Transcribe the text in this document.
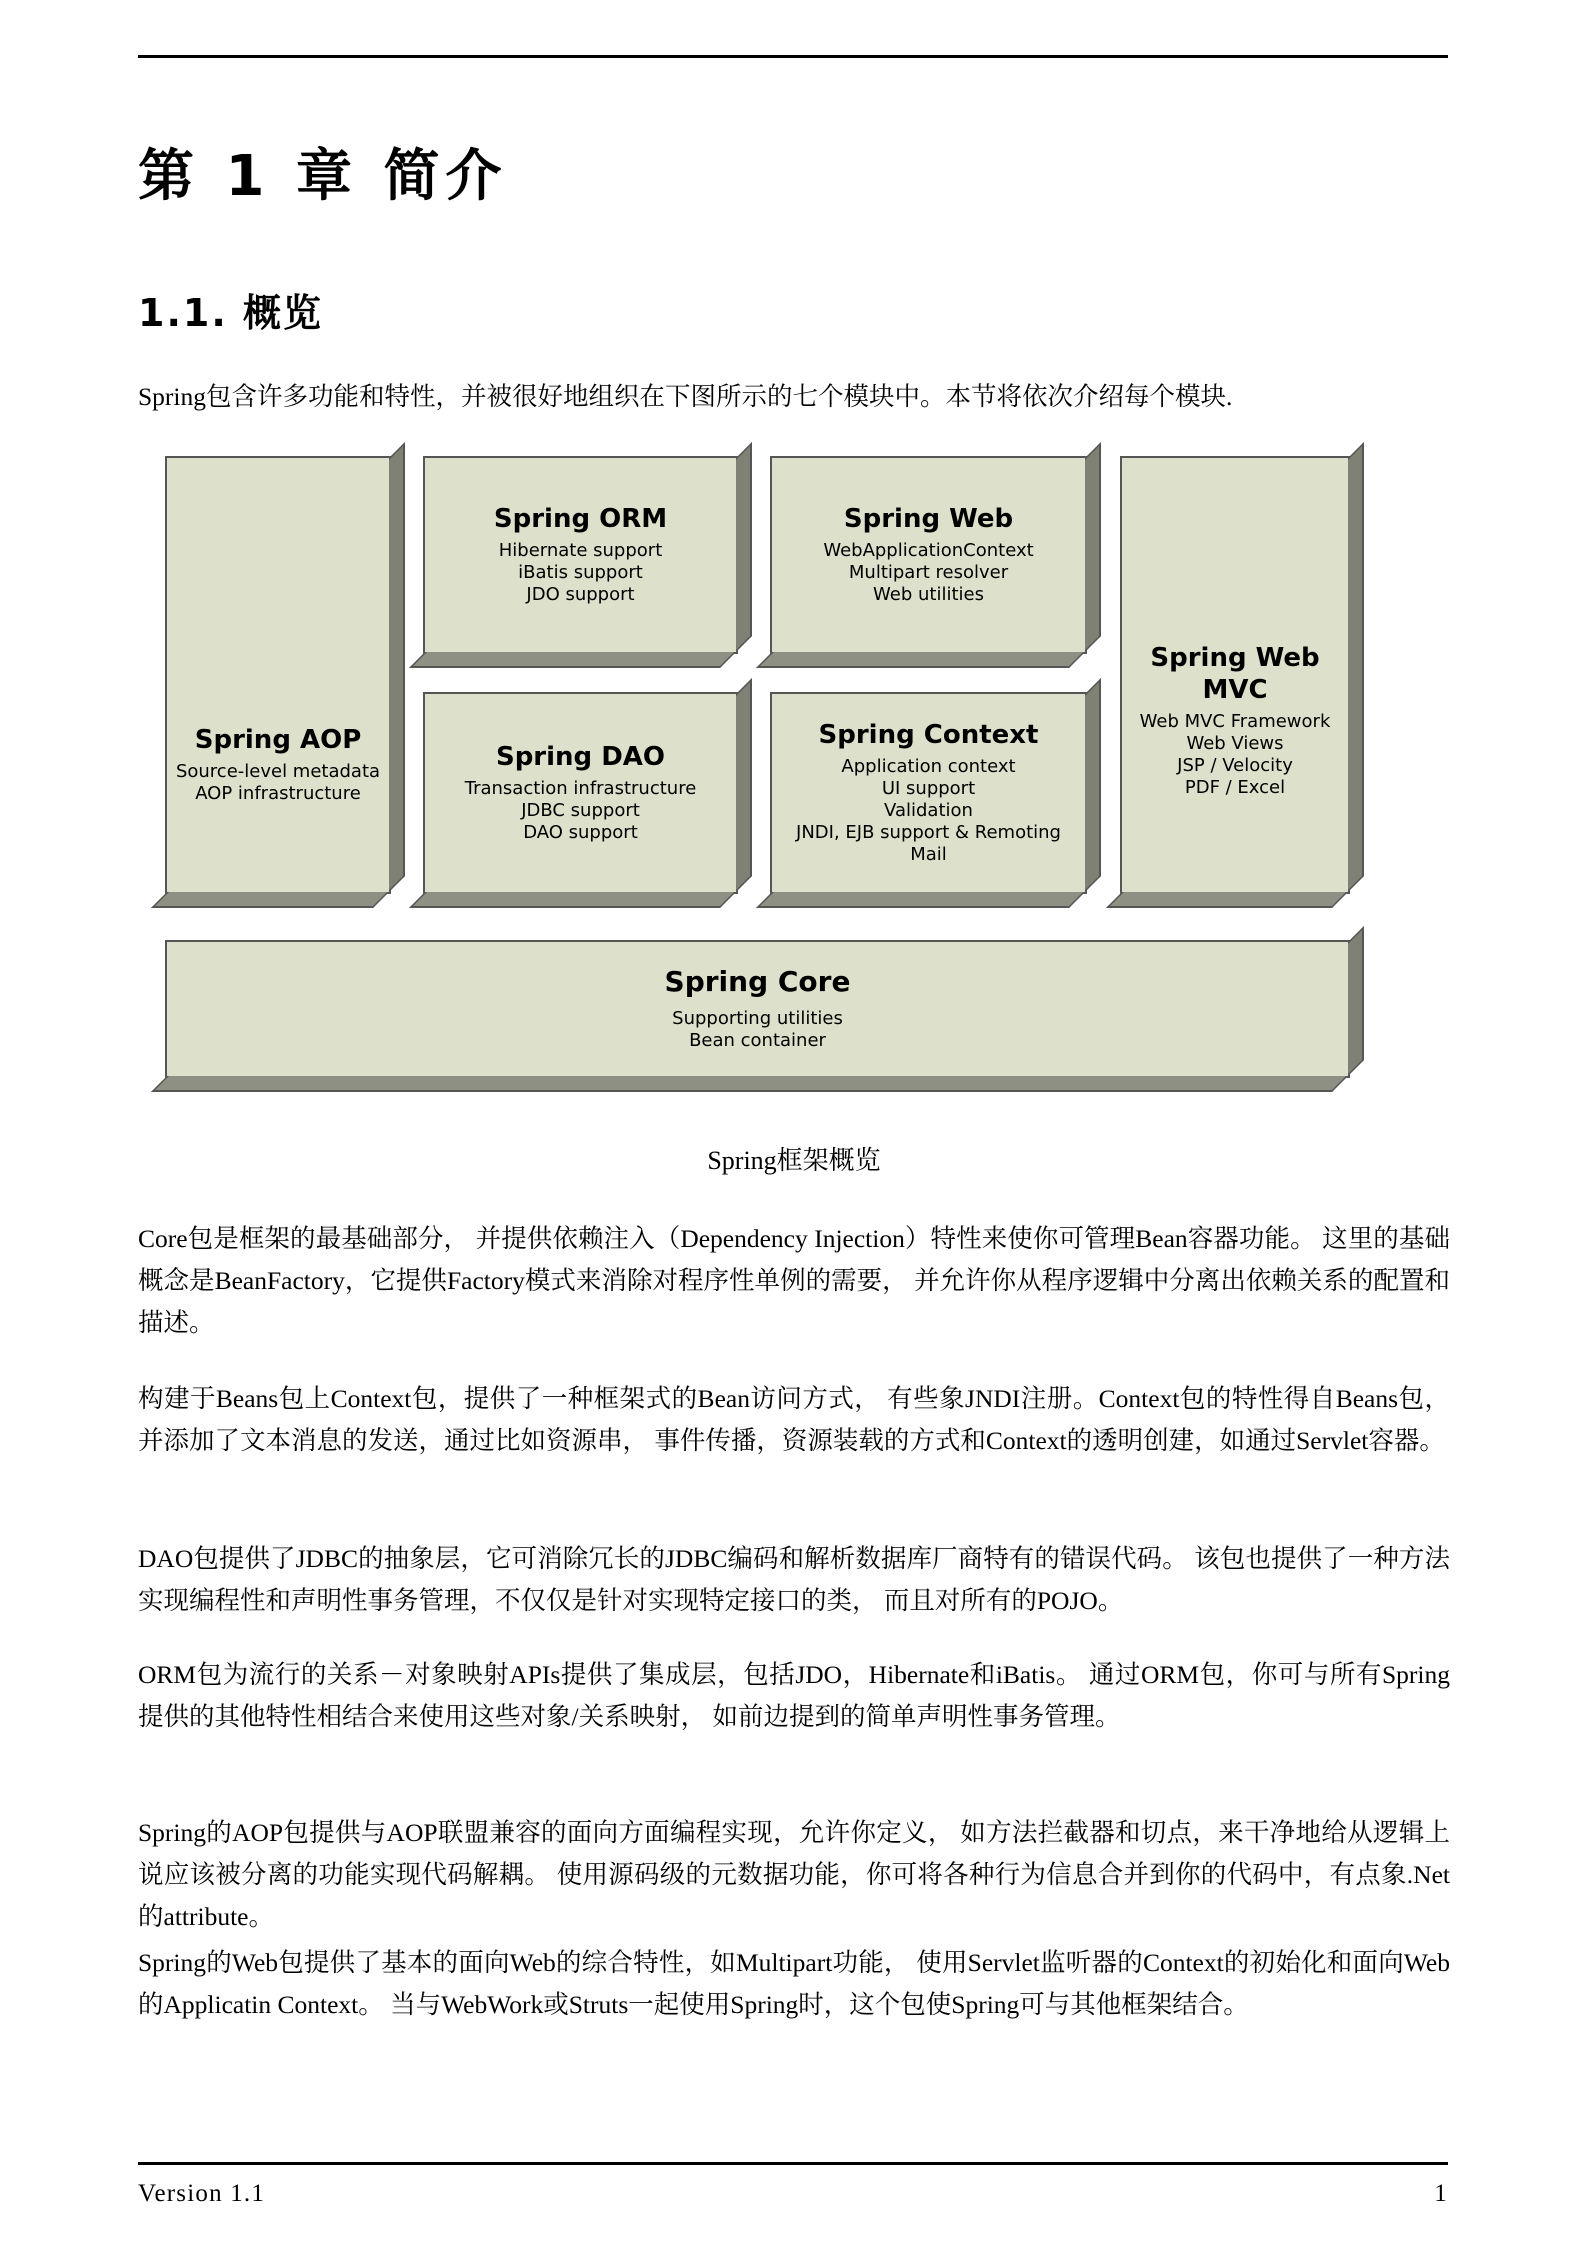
第 1 章 简介
1.1. 概览
Spring包含许多功能和特性，并被很好地组织在下图所示的七个模块中。本节将依次介绍每个模块.
Spring AOP
Source-level metadata
AOP infrastructure
Spring ORM
Hibernate support
iBatis support
JDO support
Spring Web
WebApplicationContext
Multipart resolver
Web utilities
Spring Web MVC
Web MVC Framework
Web Views
JSP / Velocity
PDF / Excel
Spring DAO
Transaction infrastructure
JDBC support
DAO support
Spring Context
Application context
UI support
Validation
JNDI, EJB support & Remoting
Mail
Spring Core
Supporting utilities
Bean container
Spring框架概览
Core包是框架的最基础部分， 并提供依赖注入（Dependency Injection）特性来使你可管理Bean容器功能。 这里的基础概念是BeanFactory，它提供Factory模式来消除对程序性单例的需要， 并允许你从程序逻辑中分离出依赖关系的配置和描述。
构建于Beans包上Context包，提供了一种框架式的Bean访问方式， 有些象JNDI注册。Context包的特性得自Beans包，并添加了文本消息的发送，通过比如资源串， 事件传播，资源装载的方式和Context的透明创建，如通过Servlet容器。
DAO包提供了JDBC的抽象层，它可消除冗长的JDBC编码和解析数据库厂商特有的错误代码。 该包也提供了一种方法实现编程性和声明性事务管理，不仅仅是针对实现特定接口的类， 而且对所有的POJO。
ORM包为流行的关系－对象映射APIs提供了集成层，包括JDO，Hibernate和iBatis。 通过ORM包，你可与所有Spring提供的其他特性相结合来使用这些对象/关系映射， 如前边提到的简单声明性事务管理。
Spring的AOP包提供与AOP联盟兼容的面向方面编程实现，允许你定义， 如方法拦截器和切点，来干净地给从逻辑上说应该被分离的功能实现代码解耦。 使用源码级的元数据功能，你可将各种行为信息合并到你的代码中，有点象.Net的attribute。
Spring的Web包提供了基本的面向Web的综合特性，如Multipart功能， 使用Servlet监听器的Context的初始化和面向Web的Applicatin Context。 当与WebWork或Struts一起使用Spring时，这个包使Spring可与其他框架结合。
Version 1.1	1
